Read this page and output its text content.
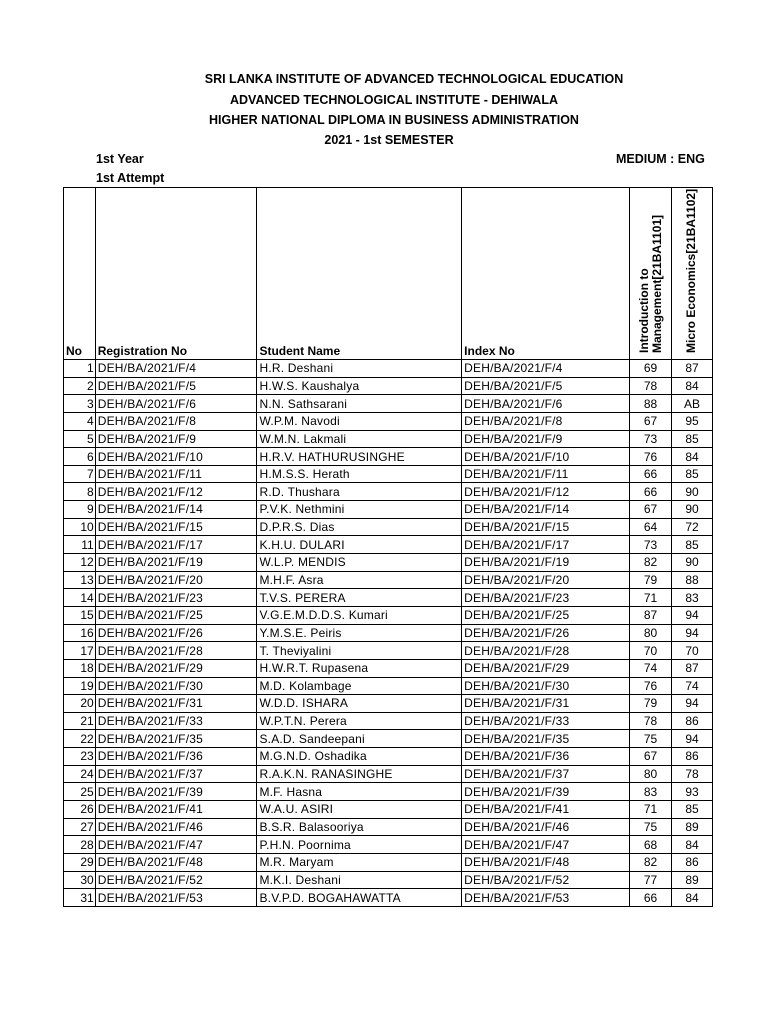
SRI LANKA INSTITUTE OF ADVANCED TECHNOLOGICAL EDUCATION
ADVANCED TECHNOLOGICAL INSTITUTE - DEHIWALA
HIGHER NATIONAL DIPLOMA IN BUSINESS ADMINISTRATION
2021 - 1st SEMESTER
1st Year
1st Attempt
MEDIUM : ENG
No	Registration No	Student Name	Index No	Introduction to Management[21BA1101]	Micro Economics[21BA1102]

1	DEH/BA/2021/F/4	H.R. Deshani	DEH/BA/2021/F/4	69	87
2	DEH/BA/2021/F/5	H.W.S. Kaushalya	DEH/BA/2021/F/5	78	84
3	DEH/BA/2021/F/6	N.N. Sathsarani	DEH/BA/2021/F/6	88	AB
4	DEH/BA/2021/F/8	W.P.M. Navodi	DEH/BA/2021/F/8	67	95
5	DEH/BA/2021/F/9	W.M.N. Lakmali	DEH/BA/2021/F/9	73	85
6	DEH/BA/2021/F/10	H.R.V. HATHURUSINGHE	DEH/BA/2021/F/10	76	84
7	DEH/BA/2021/F/11	H.M.S.S. Herath	DEH/BA/2021/F/11	66	85
8	DEH/BA/2021/F/12	R.D. Thushara	DEH/BA/2021/F/12	66	90
9	DEH/BA/2021/F/14	P.V.K. Nethmini	DEH/BA/2021/F/14	67	90
10	DEH/BA/2021/F/15	D.P.R.S. Dias	DEH/BA/2021/F/15	64	72
11	DEH/BA/2021/F/17	K.H.U. DULARI	DEH/BA/2021/F/17	73	85
12	DEH/BA/2021/F/19	W.L.P. MENDIS	DEH/BA/2021/F/19	82	90
13	DEH/BA/2021/F/20	M.H.F. Asra	DEH/BA/2021/F/20	79	88
14	DEH/BA/2021/F/23	T.V.S. PERERA	DEH/BA/2021/F/23	71	83
15	DEH/BA/2021/F/25	V.G.E.M.D.D.S. Kumari	DEH/BA/2021/F/25	87	94
16	DEH/BA/2021/F/26	Y.M.S.E. Peiris	DEH/BA/2021/F/26	80	94
17	DEH/BA/2021/F/28	T. Theviyalini	DEH/BA/2021/F/28	70	70
18	DEH/BA/2021/F/29	H.W.R.T. Rupasena	DEH/BA/2021/F/29	74	87
19	DEH/BA/2021/F/30	M.D. Kolambage	DEH/BA/2021/F/30	76	74
20	DEH/BA/2021/F/31	W.D.D. ISHARA	DEH/BA/2021/F/31	79	94
21	DEH/BA/2021/F/33	W.P.T.N. Perera	DEH/BA/2021/F/33	78	86
22	DEH/BA/2021/F/35	S.A.D. Sandeepani	DEH/BA/2021/F/35	75	94
23	DEH/BA/2021/F/36	M.G.N.D. Oshadika	DEH/BA/2021/F/36	67	86
24	DEH/BA/2021/F/37	R.A.K.N. RANASINGHE	DEH/BA/2021/F/37	80	78
25	DEH/BA/2021/F/39	M.F. Hasna	DEH/BA/2021/F/39	83	93
26	DEH/BA/2021/F/41	W.A.U. ASIRI	DEH/BA/2021/F/41	71	85
27	DEH/BA/2021/F/46	B.S.R. Balasooriya	DEH/BA/2021/F/46	75	89
28	DEH/BA/2021/F/47	P.H.N. Poornima	DEH/BA/2021/F/47	68	84
29	DEH/BA/2021/F/48	M.R. Maryam	DEH/BA/2021/F/48	82	86
30	DEH/BA/2021/F/52	M.K.I. Deshani	DEH/BA/2021/F/52	77	89
31	DEH/BA/2021/F/53	B.V.P.D. BOGAHAWATTA	DEH/BA/2021/F/53	66	84
